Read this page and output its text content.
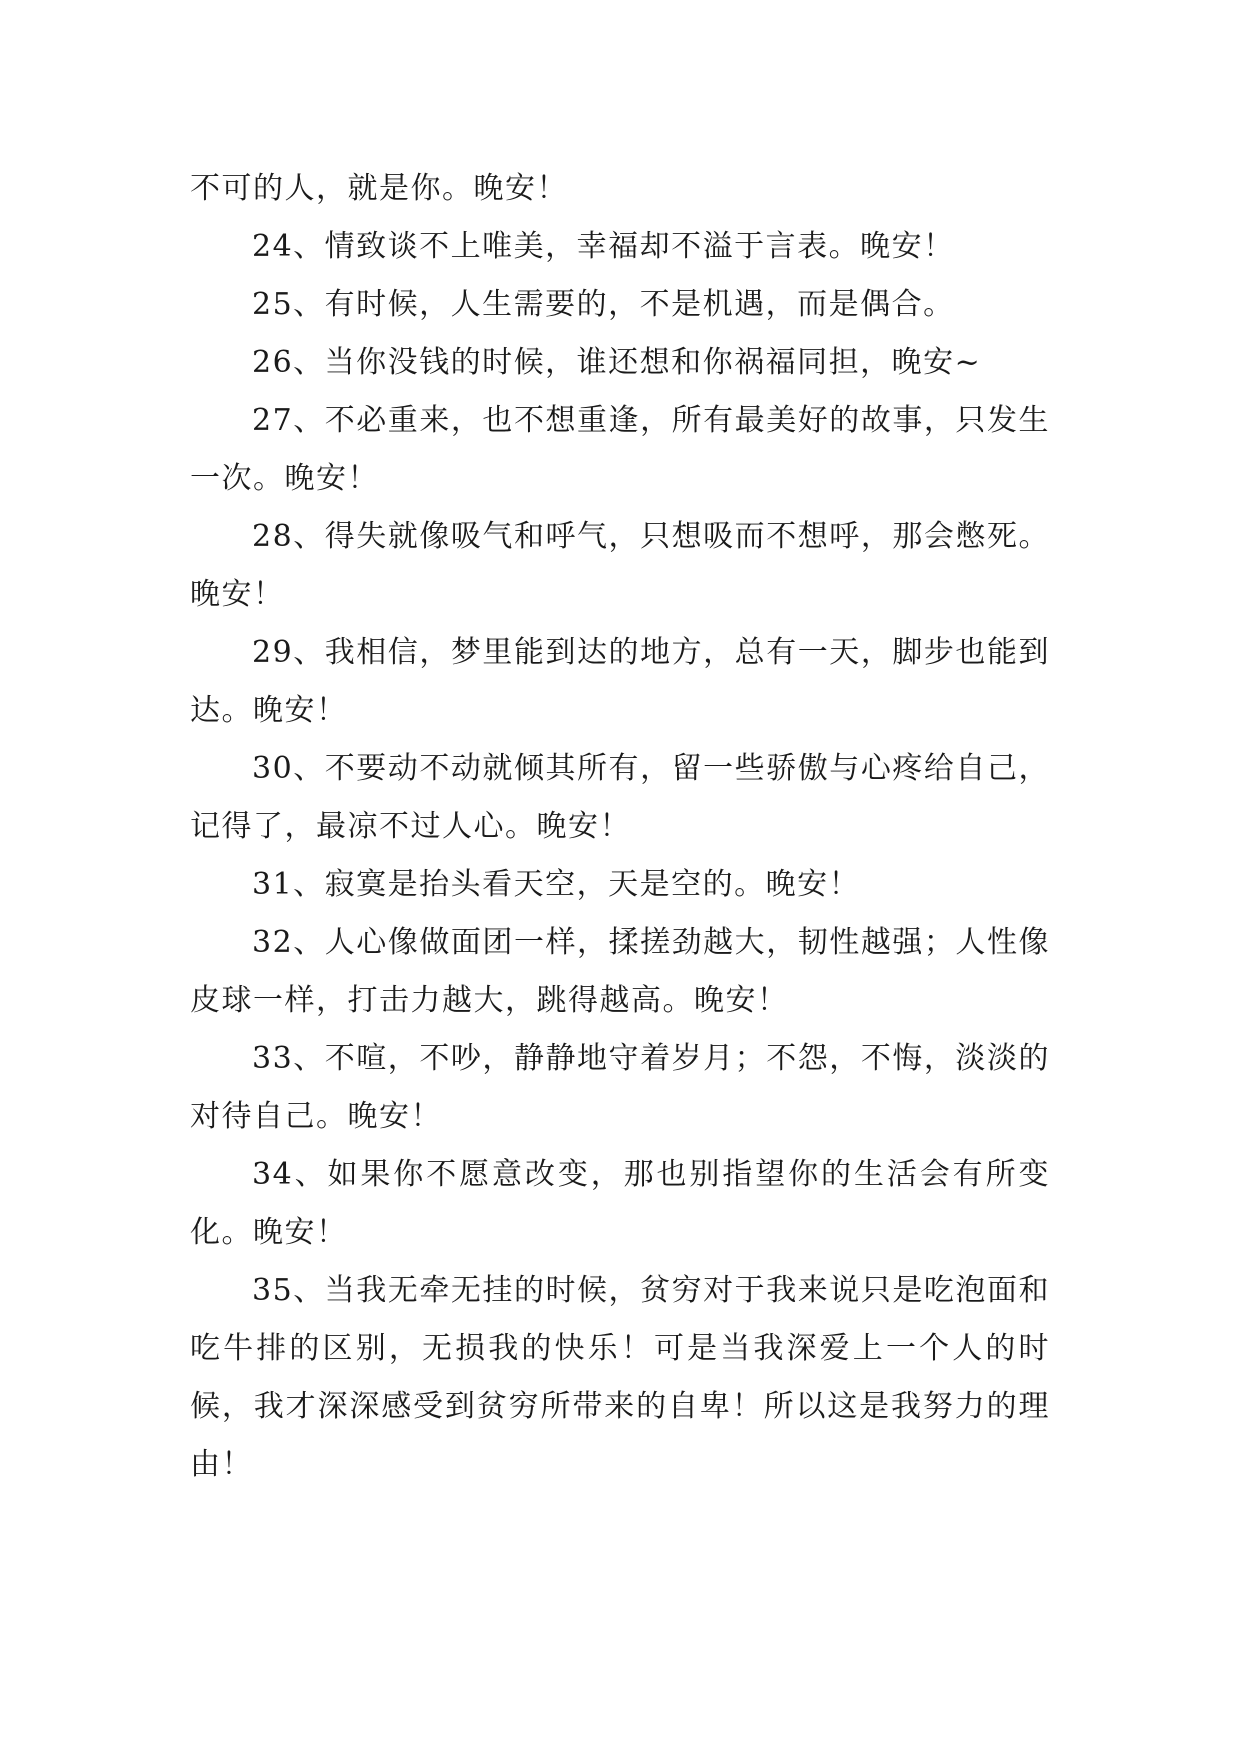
不可的人，就是你。晚安！

24、情致谈不上唯美，幸福却不溢于言表。晚安！

25、有时候，人生需要的，不是机遇，而是偶合。

26、当你没钱的时候，谁还想和你祸福同担，晚安~

27、不必重来，也不想重逢，所有最美好的故事，只发生一次。晚安！

28、得失就像吸气和呼气，只想吸而不想呼，那会憋死。晚安！

29、我相信，梦里能到达的地方，总有一天，脚步也能到达。晚安！

30、不要动不动就倾其所有，留一些骄傲与心疼给自己，记得了，最凉不过人心。晚安！

31、寂寞是抬头看天空，天是空的。晚安！

32、人心像做面团一样，揉搓劲越大，韧性越强；人性像皮球一样，打击力越大，跳得越高。晚安！

33、不喧，不吵，静静地守着岁月；不怨，不悔，淡淡的对待自己。晚安！

34、如果你不愿意改变，那也别指望你的生活会有所变化。晚安！

35、当我无牵无挂的时候，贫穷对于我来说只是吃泡面和吃牛排的区别，无损我的快乐！可是当我深爱上一个人的时候，我才深深感受到贫穷所带来的自卑！所以这是我努力的理由！
